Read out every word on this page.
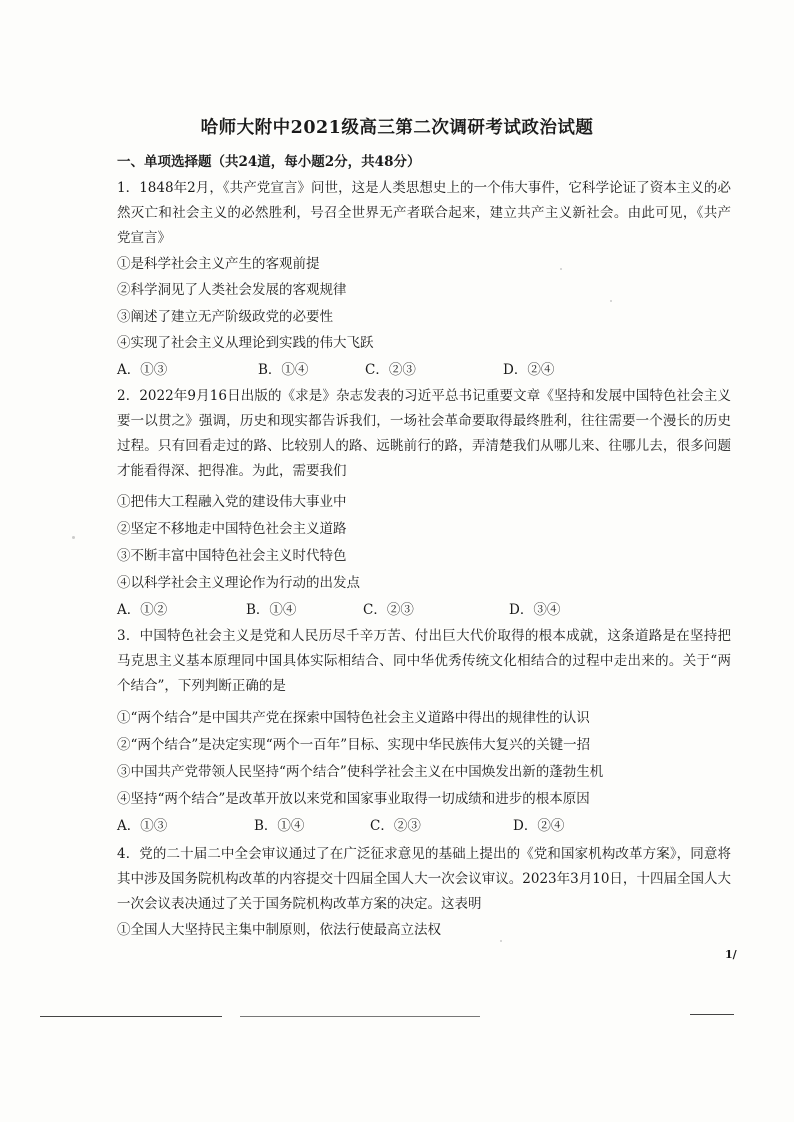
哈师大附中2021级高三第二次调研考试政治试题
一、单项选择题（共24道，每小题2分，共48分）
1．1848年2月，《共产党宣言》问世，这是人类思想史上的一个伟大事件，它科学论证了资本主义的必然灭亡和社会主义的必然胜利，号召全世界无产者联合起来，建立共产主义新社会。由此可见，《共产党宣言》
①是科学社会主义产生的客观前提
②科学洞见了人类社会发展的客观规律
③阐述了建立无产阶级政党的必要性
④实现了社会主义从理论到实践的伟大飞跃
A．①③	B．①④	C．②③	D．②④
2．2022年9月16日出版的《求是》杂志发表的习近平总书记重要文章《坚持和发展中国特色社会主义要一以贯之》强调，历史和现实都告诉我们，一场社会革命要取得最终胜利，往往需要一个漫长的历史过程。只有回看走过的路、比较别人的路、远眺前行的路，弄清楚我们从哪儿来、往哪儿去，很多问题才能看得深、把得准。为此，需要我们
①把伟大工程融入党的建设伟大事业中
②坚定不移地走中国特色社会主义道路
③不断丰富中国特色社会主义时代特色
④以科学社会主义理论作为行动的出发点
A．①②	B．①④	C．②③	D．③④
3．中国特色社会主义是党和人民历尽千辛万苦、付出巨大代价取得的根本成就，这条道路是在坚持把马克思主义基本原理同中国具体实际相结合、同中华优秀传统文化相结合的过程中走出来的。关于“两个结合”，下列判断正确的是
①“两个结合”是中国共产党在探索中国特色社会主义道路中得出的规律性的认识
②“两个结合”是决定实现“两个一百年”目标、实现中华民族伟大复兴的关键一招
③中国共产党带领人民坚持“两个结合”使科学社会主义在中国焕发出新的蓬勃生机
④坚持“两个结合”是改革开放以来党和国家事业取得一切成绩和进步的根本原因
A．①③	B．①④	C．②③	D．②④
4．党的二十届二中全会审议通过了在广泛征求意见的基础上提出的《党和国家机构改革方案》，同意将其中涉及国务院机构改革的内容提交十四届全国人大一次会议审议。2023年3月10日，十四届全国人大一次会议表决通过了关于国务院机构改革方案的决定。这表明
①全国人大坚持民主集中制原则，依法行使最高立法权
1/
